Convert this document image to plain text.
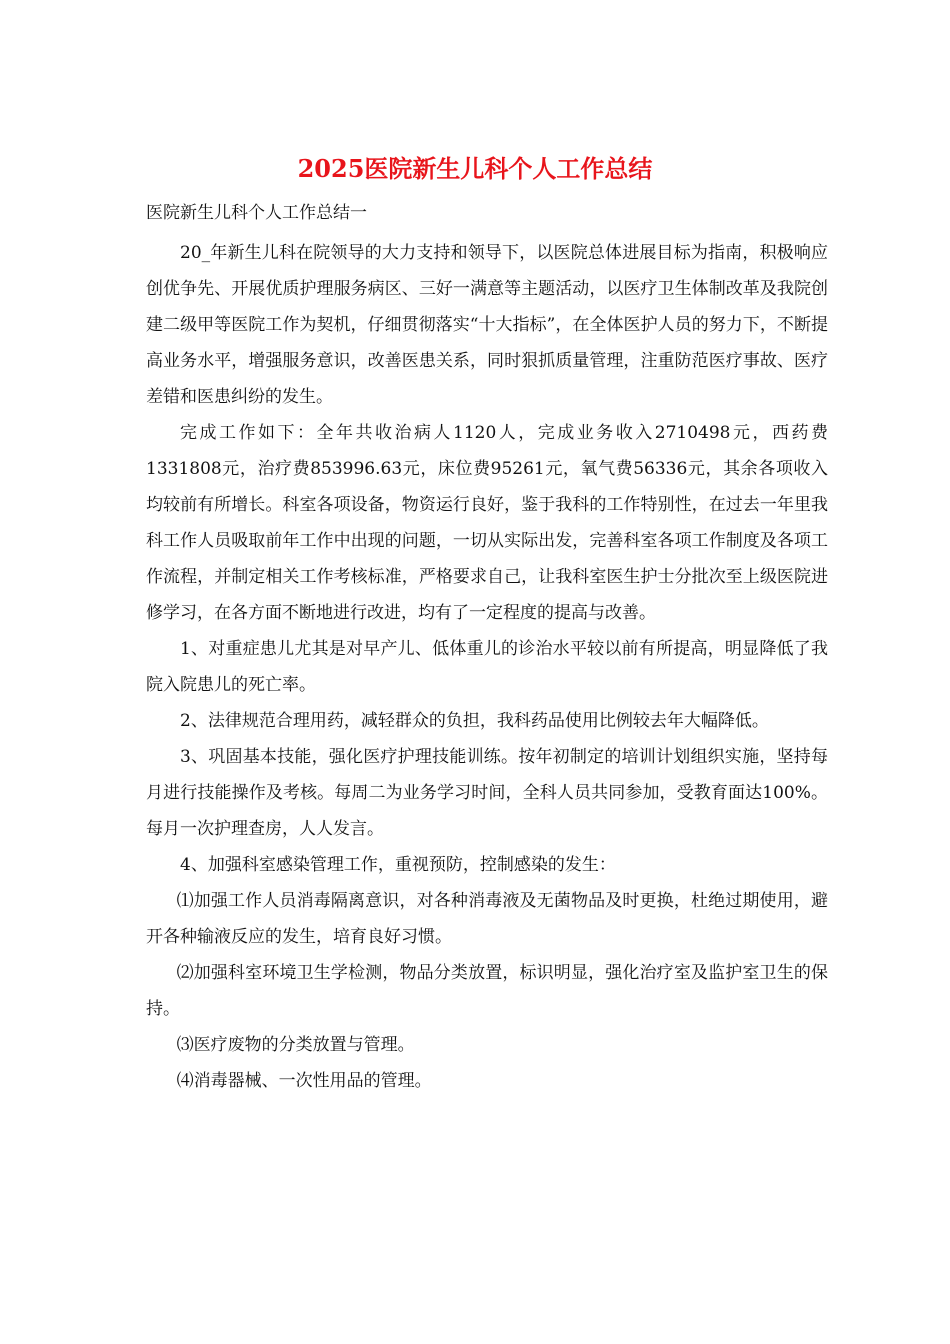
2025医院新生儿科个人工作总结
医院新生儿科个人工作总结一

20_年新生儿科在院领导的大力支持和领导下，以医院总体进展目标为指南，积极响应创优争先、开展优质护理服务病区、三好一满意等主题活动，以医疗卫生体制改革及我院创建二级甲等医院工作为契机，仔细贯彻落实“十大指标”，在全体医护人员的努力下，不断提高业务水平，增强服务意识，改善医患关系，同时狠抓质量管理，注重防范医疗事故、医疗差错和医患纠纷的发生。

完成工作如下：全年共收治病人1120人，完成业务收入2710498元，西药费1331808元，治疗费853996.63元，床位费95261元，氧气费56336元，其余各项收入均较前有所增长。科室各项设备，物资运行良好，鉴于我科的工作特别性，在过去一年里我科工作人员吸取前年工作中出现的问题，一切从实际出发，完善科室各项工作制度及各项工作流程，并制定相关工作考核标准，严格要求自己，让我科室医生护士分批次至上级医院进修学习，在各方面不断地进行改进，均有了一定程度的提高与改善。

1、对重症患儿尤其是对早产儿、低体重儿的诊治水平较以前有所提高，明显降低了我院入院患儿的死亡率。

2、法律规范合理用药，减轻群众的负担，我科药品使用比例较去年大幅降低。

3、巩固基本技能，强化医疗护理技能训练。按年初制定的培训计划组织实施，坚持每月进行技能操作及考核。每周二为业务学习时间，全科人员共同参加，受教育面达100%。每月一次护理查房，人人发言。

4、加强科室感染管理工作，重视预防，控制感染的发生：

⑴加强工作人员消毒隔离意识，对各种消毒液及无菌物品及时更换，杜绝过期使用，避开各种输液反应的发生，培育良好习惯。

⑵加强科室环境卫生学检测，物品分类放置，标识明显，强化治疗室及监护室卫生的保持。

⑶医疗废物的分类放置与管理。

⑷消毒器械、一次性用品的管理。
